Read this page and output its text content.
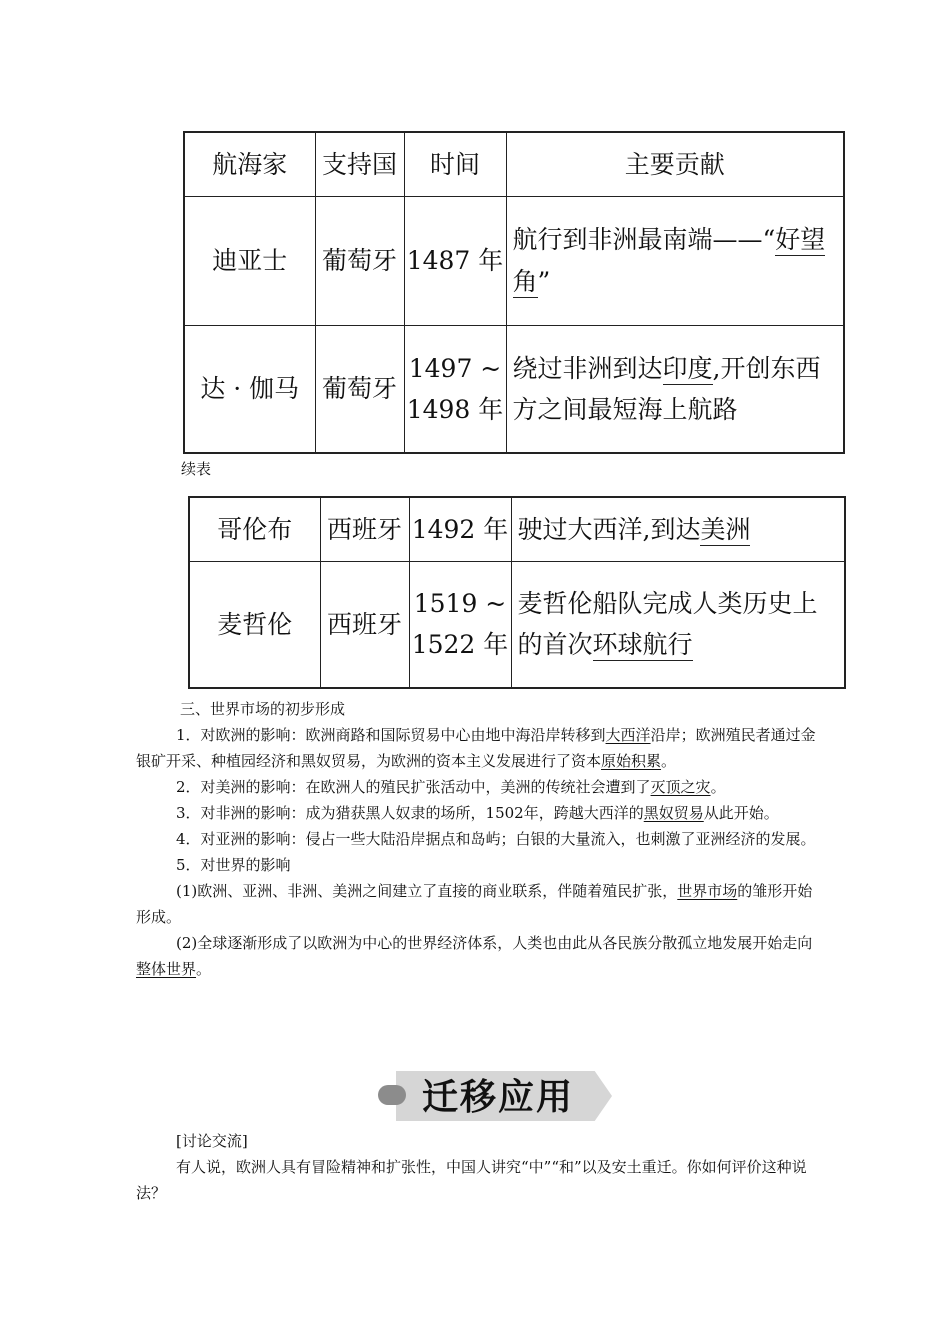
航海家	支持国	时间	主要贡献
迪亚士	葡萄牙	1487 年	航行到非洲最南端——“好望角”
达 · 伽马	葡萄牙	1497 ~ 1498 年	绕过非洲到达印度,开创东西方之间最短海上航路
续表
哥伦布	西班牙	1492 年	驶过大西洋,到达美洲
麦哲伦	西班牙	1519 ~ 1522 年	麦哲伦船队完成人类历史上的首次环球航行

三、世界市场的初步形成

1．对欧洲的影响：欧洲商路和国际贸易中心由地中海沿岸转移到大西洋沿岸；欧洲殖民者通过金银矿开采、种植园经济和黑奴贸易，为欧洲的资本主义发展进行了资本原始积累。

2．对美洲的影响：在欧洲人的殖民扩张活动中，美洲的传统社会遭到了灭顶之灾。

3．对非洲的影响：成为猎获黑人奴隶的场所，1502年，跨越大西洋的黑奴贸易从此开始。

4．对亚洲的影响：侵占一些大陆沿岸据点和岛屿；白银的大量流入，也刺激了亚洲经济的发展。

5．对世界的影响

(1)欧洲、亚洲、非洲、美洲之间建立了直接的商业联系，伴随着殖民扩张，世界市场的雏形开始形成。

(2)全球逐渐形成了以欧洲为中心的世界经济体系，人类也由此从各民族分散孤立地发展开始走向整体世界。

迁移应用

[讨论交流]

有人说，欧洲人具有冒险精神和扩张性，中国人讲究“中”“和”以及安土重迁。你如何评价这种说法？
